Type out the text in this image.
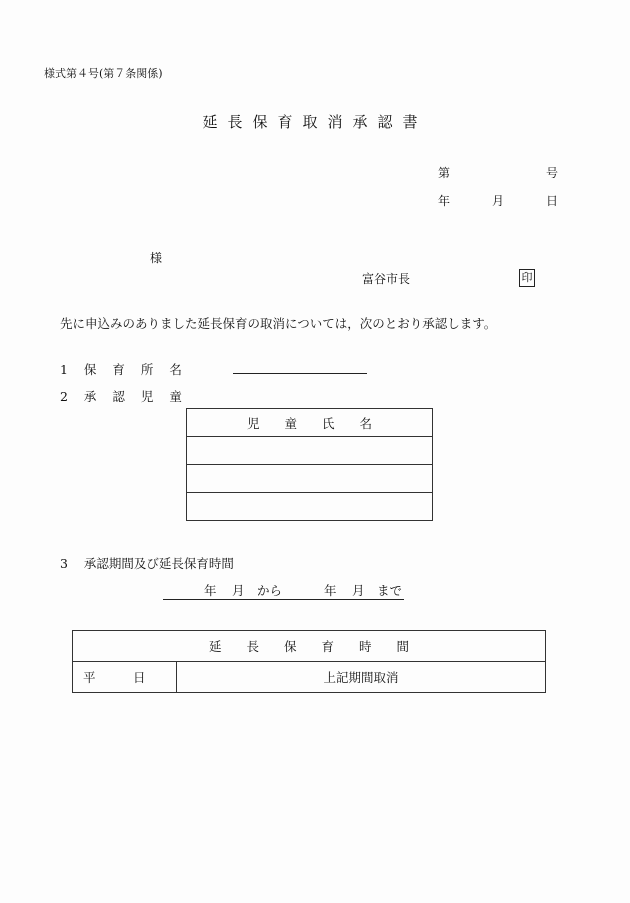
様式第４号(第７条関係)
延長保育取消承認書
第	号
年	月	日
様
富谷市長	印
先に申込みのありました延長保育の取消については，次のとおり承認します。
1 保 育 所 名
2 承 認 児 童
児　　童　　氏　　名

3 承認期間及び延長保育時間
年 月 から	年 月 まで
延　　長　　保　　育　　時　　間
平　　　日	上記期間取消
